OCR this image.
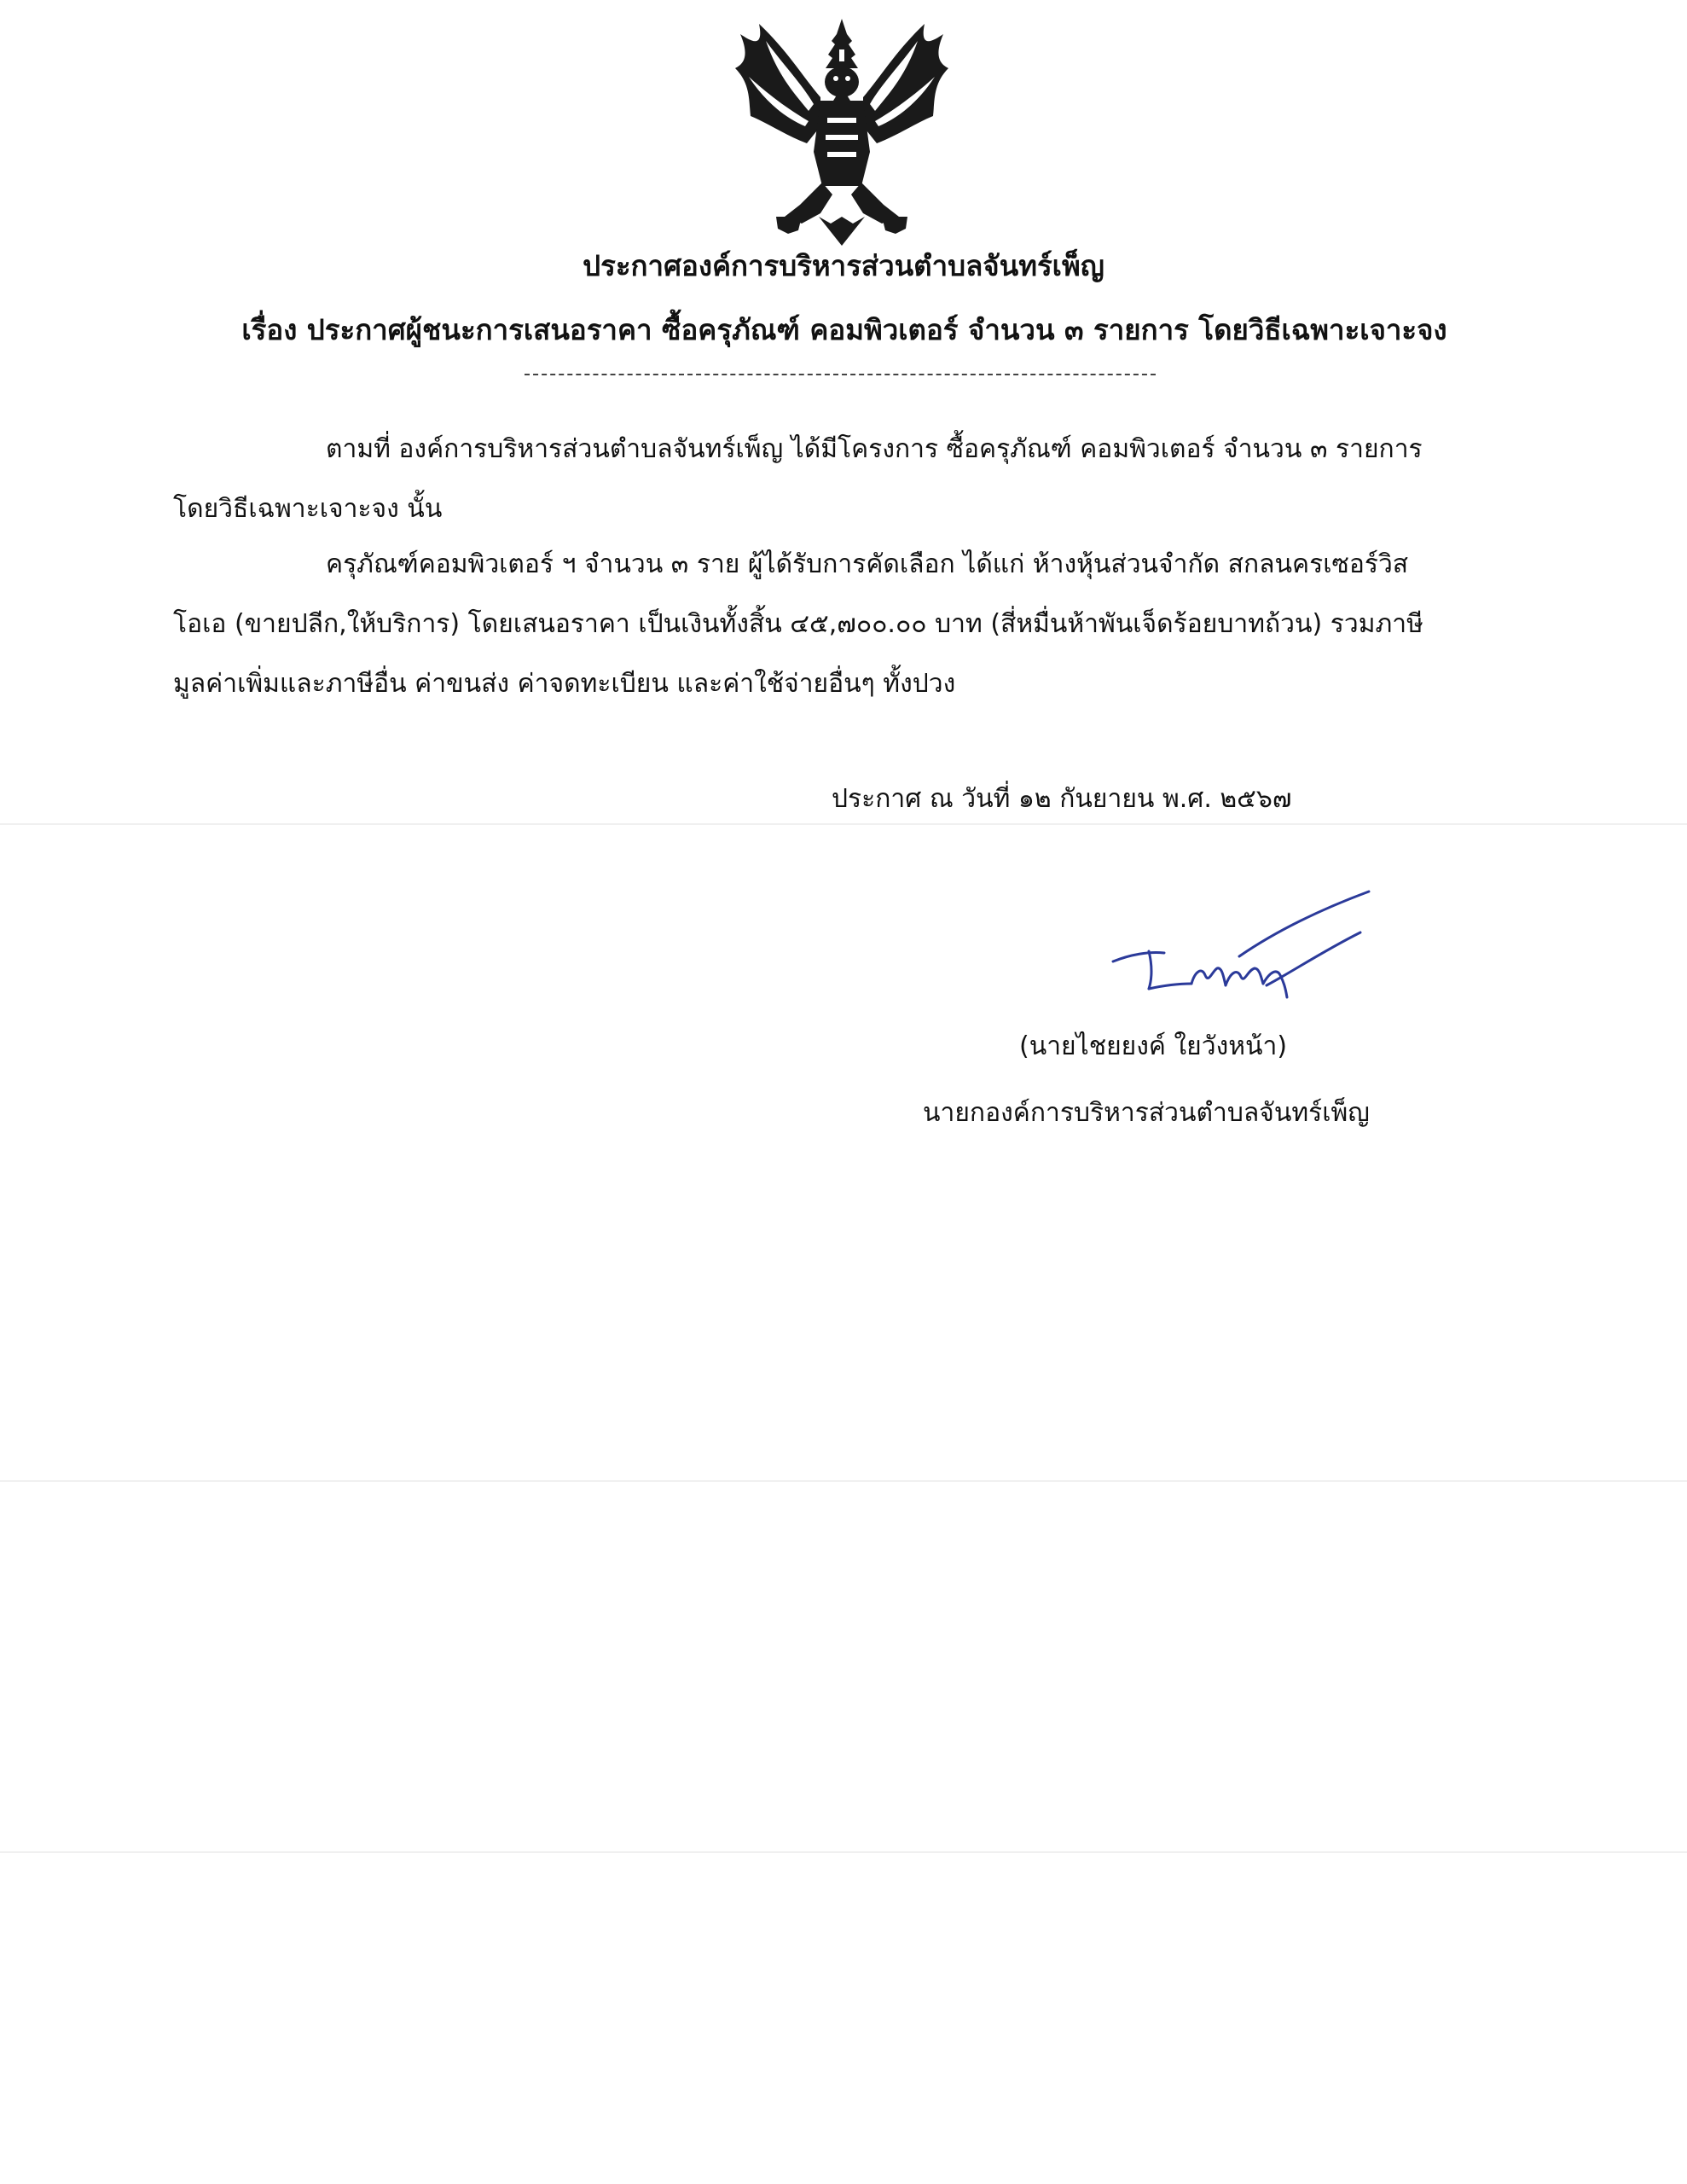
ประกาศองค์การบริหารส่วนตำบลจันทร์เพ็ญ
เรื่อง ประกาศผู้ชนะการเสนอราคา ซื้อครุภัณฑ์ คอมพิวเตอร์ จำนวน ๓ รายการ โดยวิธีเฉพาะเจาะจง
ตามที่ องค์การบริหารส่วนตำบลจันทร์เพ็ญ ได้มีโครงการ ซื้อครุภัณฑ์ คอมพิวเตอร์ จำนวน ๓ รายการ
โดยวิธีเฉพาะเจาะจง นั้น
ครุภัณฑ์คอมพิวเตอร์ ฯ จำนวน ๓ ราย ผู้ได้รับการคัดเลือก ได้แก่ ห้างหุ้นส่วนจำกัด สกลนครเซอร์วิส
โอเอ (ขายปลีก,ให้บริการ) โดยเสนอราคา เป็นเงินทั้งสิ้น ๔๕,๗๐๐.๐๐ บาท (สี่หมื่นห้าพันเจ็ดร้อยบาทถ้วน) รวมภาษี
มูลค่าเพิ่มและภาษีอื่น ค่าขนส่ง ค่าจดทะเบียน และค่าใช้จ่ายอื่นๆ ทั้งปวง
ประกาศ ณ วันที่ ๑๒ กันยายน พ.ศ. ๒๕๖๗
(นายไชยยงค์ ใยวังหน้า)
นายกองค์การบริหารส่วนตำบลจันทร์เพ็ญ
